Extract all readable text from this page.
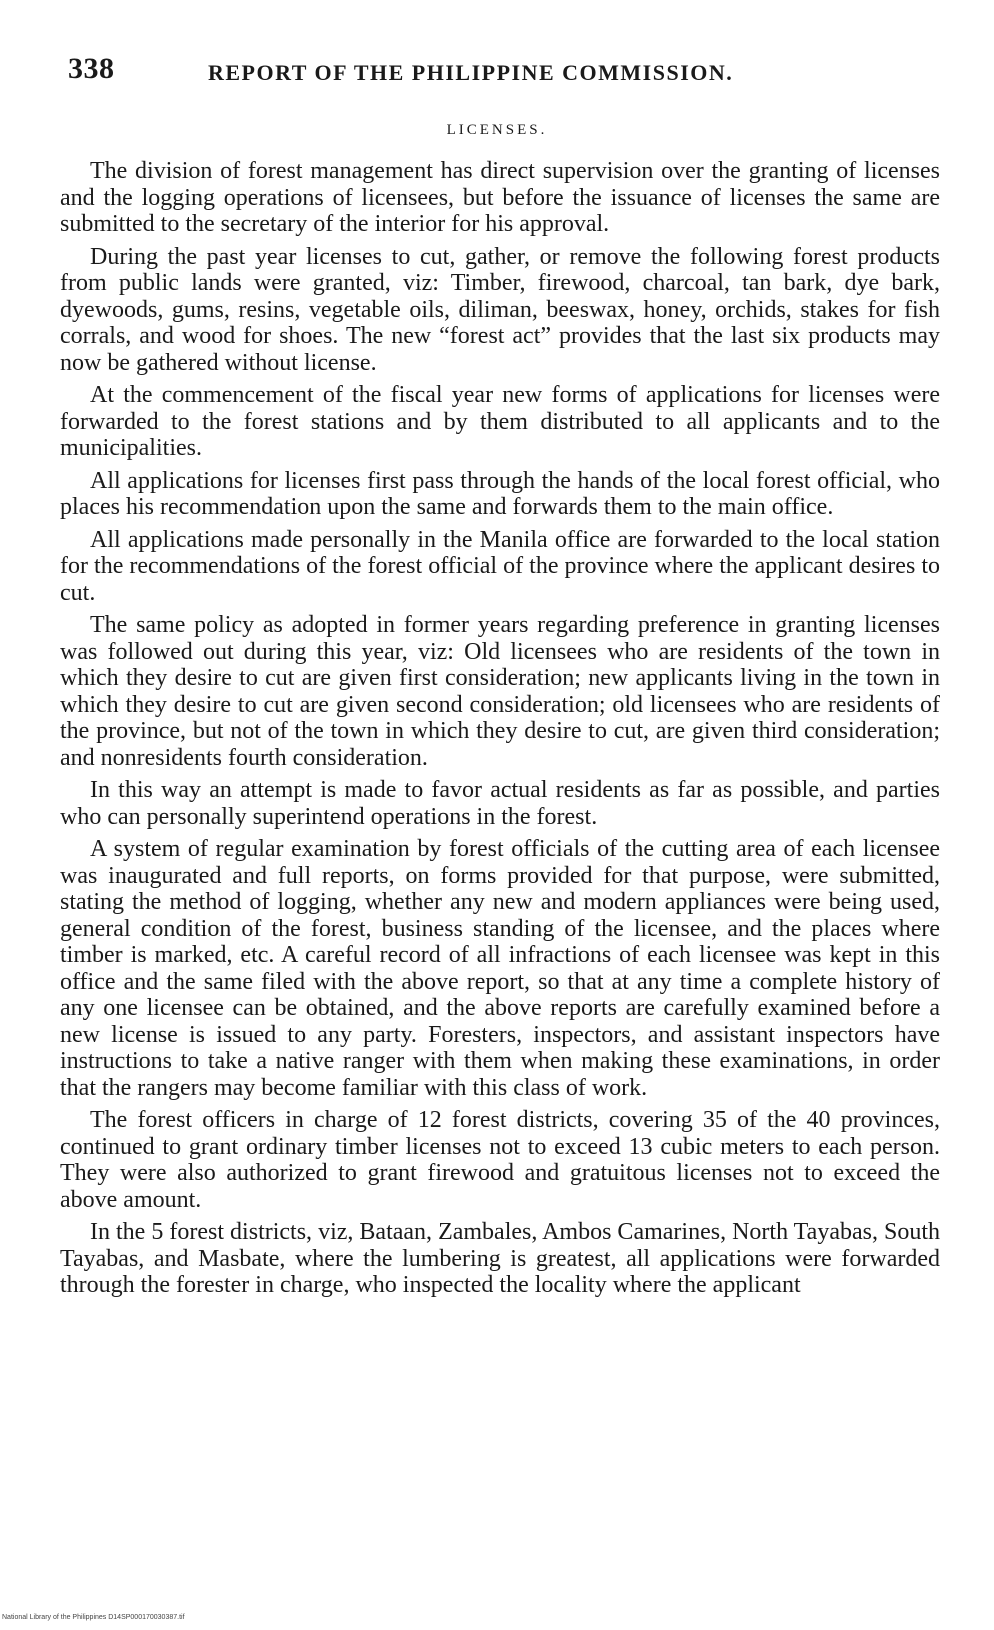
338	REPORT OF THE PHILIPPINE COMMISSION.
LICENSES.

The division of forest management has direct supervision over the granting of licenses and the logging operations of licensees, but before the issuance of licenses the same are submitted to the secretary of the interior for his approval.

During the past year licenses to cut, gather, or remove the following forest products from public lands were granted, viz: Timber, firewood, charcoal, tan bark, dye bark, dyewoods, gums, resins, vegetable oils, diliman, beeswax, honey, orchids, stakes for fish corrals, and wood for shoes. The new “forest act” provides that the last six products may now be gathered without license.

At the commencement of the fiscal year new forms of applications for licenses were forwarded to the forest stations and by them distributed to all applicants and to the municipalities.

All applications for licenses first pass through the hands of the local forest official, who places his recommendation upon the same and forwards them to the main office.

All applications made personally in the Manila office are forwarded to the local station for the recommendations of the forest official of the province where the applicant desires to cut.

The same policy as adopted in former years regarding preference in granting licenses was followed out during this year, viz: Old licensees who are residents of the town in which they desire to cut are given first consideration; new applicants living in the town in which they desire to cut are given second consideration; old licensees who are residents of the province, but not of the town in which they desire to cut, are given third consideration; and nonresidents fourth consideration.

In this way an attempt is made to favor actual residents as far as possible, and parties who can personally superintend operations in the forest.

A system of regular examination by forest officials of the cutting area of each licensee was inaugurated and full reports, on forms provided for that purpose, were submitted, stating the method of logging, whether any new and modern appliances were being used, general condition of the forest, business standing of the licensee, and the places where timber is marked, etc. A careful record of all infractions of each licensee was kept in this office and the same filed with the above report, so that at any time a complete history of any one licensee can be obtained, and the above reports are carefully examined before a new license is issued to any party. Foresters, inspectors, and assistant inspectors have instructions to take a native ranger with them when making these examinations, in order that the rangers may become familiar with this class of work.

The forest officers in charge of 12 forest districts, covering 35 of the 40 provinces, continued to grant ordinary timber licenses not to exceed 13 cubic meters to each person. They were also authorized to grant firewood and gratuitous licenses not to exceed the above amount.

In the 5 forest districts, viz, Bataan, Zambales, Ambos Camarines, North Tayabas, South Tayabas, and Masbate, where the lumbering is greatest, all applications were forwarded through the forester in charge, who inspected the locality where the applicant

National Library of the Philippines D14SP000170030387.tif
